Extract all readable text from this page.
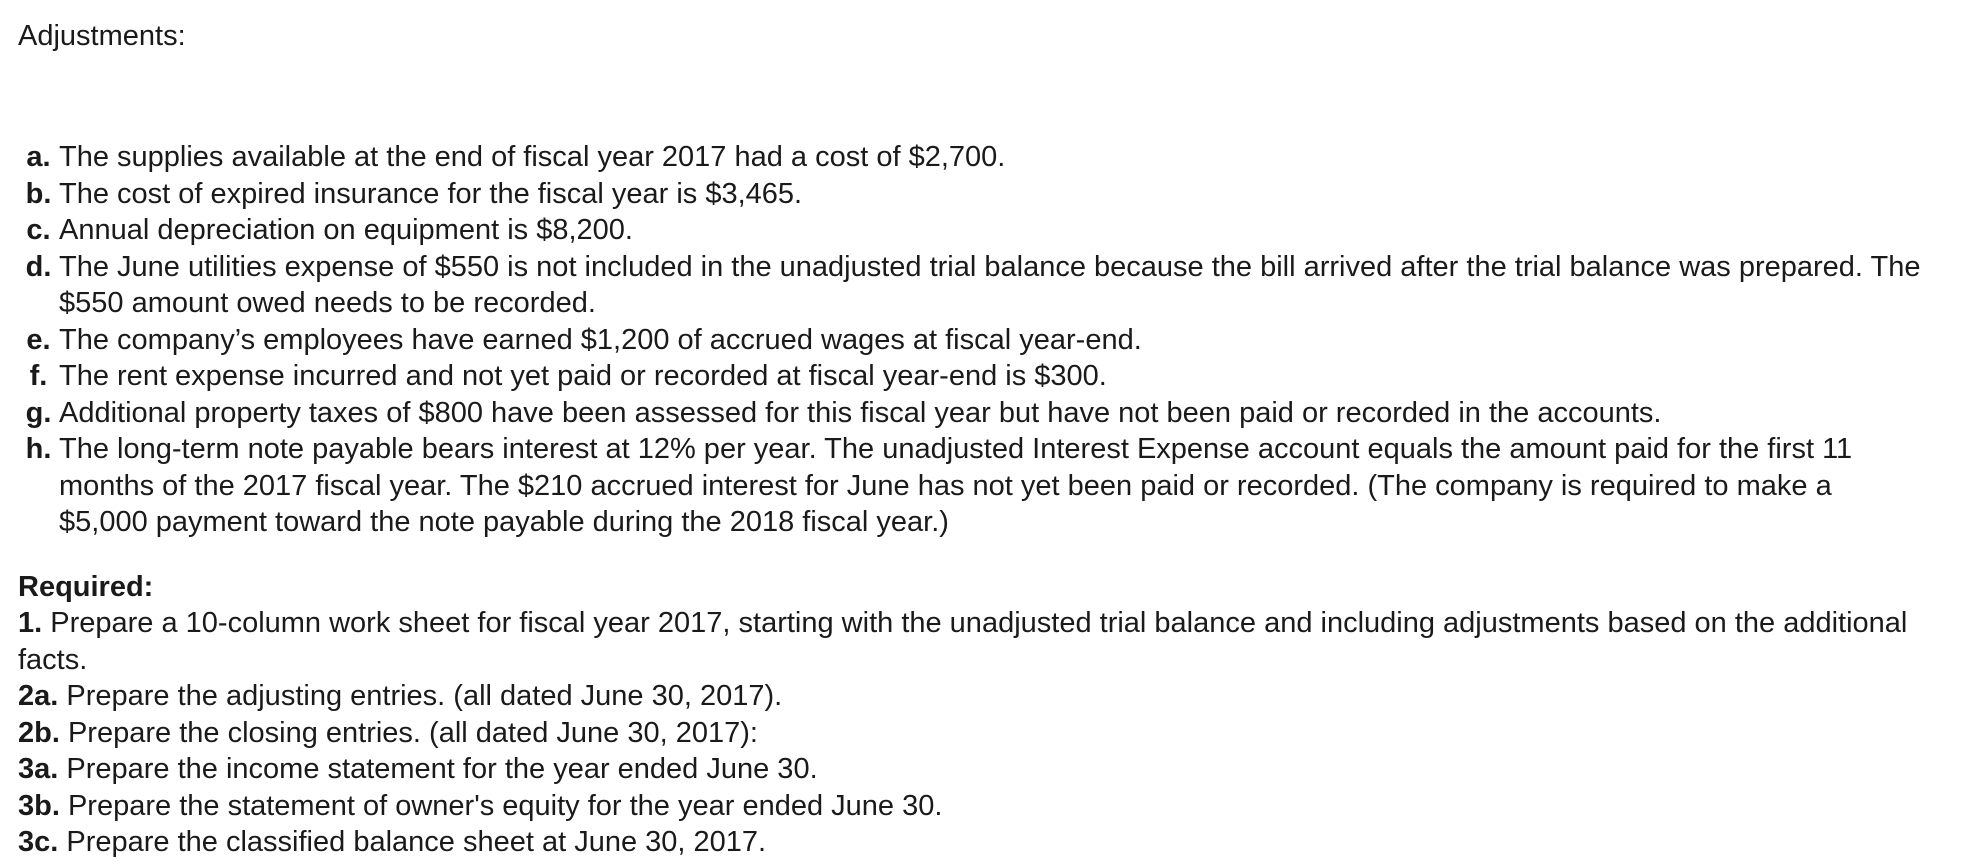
Adjustments:
a. The supplies available at the end of fiscal year 2017 had a cost of $2,700.
b. The cost of expired insurance for the fiscal year is $3,465.
c. Annual depreciation on equipment is $8,200.
d. The June utilities expense of $550 is not included in the unadjusted trial balance because the bill arrived after the trial balance was prepared. The $550 amount owed needs to be recorded.
e. The company’s employees have earned $1,200 of accrued wages at fiscal year-end.
f. The rent expense incurred and not yet paid or recorded at fiscal year-end is $300.
g. Additional property taxes of $800 have been assessed for this fiscal year but have not been paid or recorded in the accounts.
h. The long-term note payable bears interest at 12% per year. The unadjusted Interest Expense account equals the amount paid for the first 11 months of the 2017 fiscal year. The $210 accrued interest for June has not yet been paid or recorded. (The company is required to make a $5,000 payment toward the note payable during the 2018 fiscal year.)
Required:
1. Prepare a 10-column work sheet for fiscal year 2017, starting with the unadjusted trial balance and including adjustments based on the additional facts.
2a. Prepare the adjusting entries. (all dated June 30, 2017).
2b. Prepare the closing entries. (all dated June 30, 2017):
3a. Prepare the income statement for the year ended June 30.
3b. Prepare the statement of owner's equity for the year ended June 30.
3c. Prepare the classified balance sheet at June 30, 2017.
